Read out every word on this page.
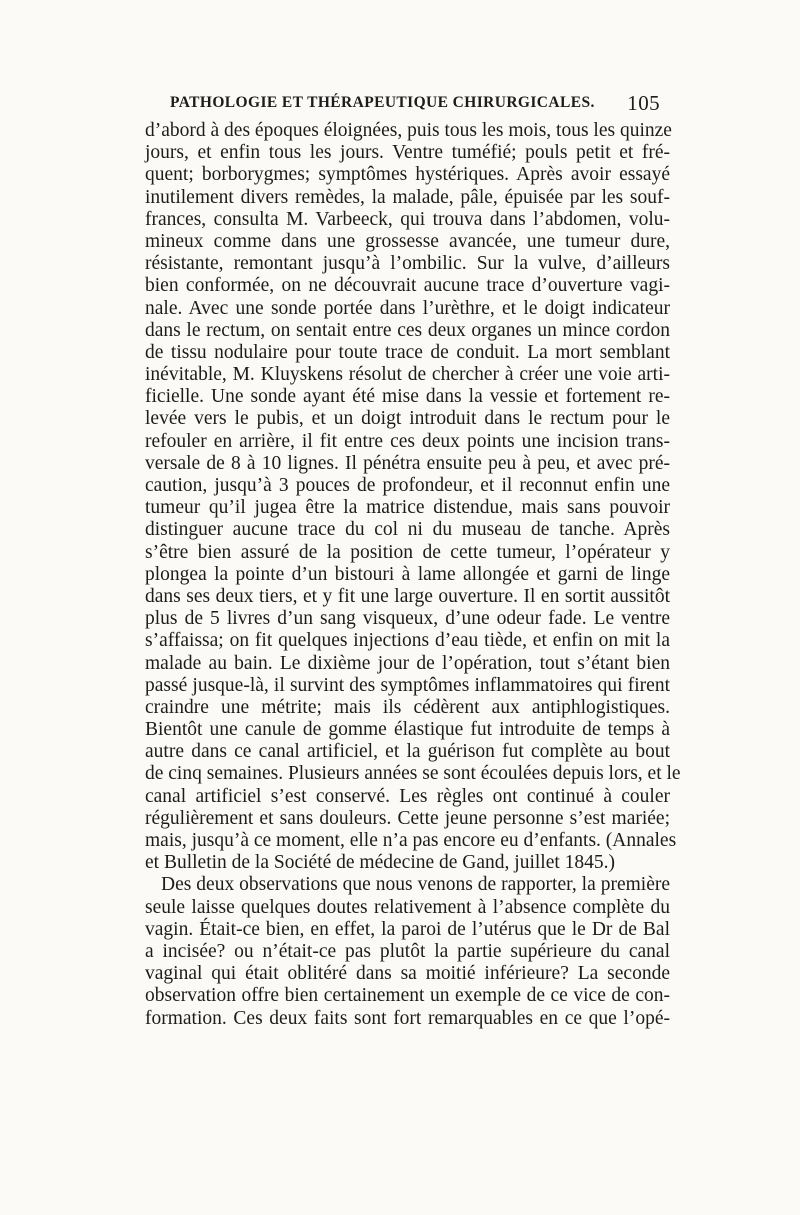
PATHOLOGIE ET THÉRAPEUTIQUE CHIRURGICALES. 105
d’abord à des époques éloignées, puis tous les mois, tous les quinze
jours, et enfin tous les jours. Ventre tuméfié; pouls petit et fré-
quent; borborygmes; symptômes hystériques. Après avoir essayé
inutilement divers remèdes, la malade, pâle, épuisée par les souf-
frances, consulta M. Varbeeck, qui trouva dans l’abdomen, volu-
mineux comme dans une grossesse avancée, une tumeur dure,
résistante, remontant jusqu’à l’ombilic. Sur la vulve, d’ailleurs
bien conformée, on ne découvrait aucune trace d’ouverture vagi-
nale. Avec une sonde portée dans l’urèthre, et le doigt indicateur
dans le rectum, on sentait entre ces deux organes un mince cordon
de tissu nodulaire pour toute trace de conduit. La mort semblant
inévitable, M. Kluyskens résolut de chercher à créer une voie arti-
ficielle. Une sonde ayant été mise dans la vessie et fortement re-
levée vers le pubis, et un doigt introduit dans le rectum pour le
refouler en arrière, il fit entre ces deux points une incision trans-
versale de 8 à 10 lignes. Il pénétra ensuite peu à peu, et avec pré-
caution, jusqu’à 3 pouces de profondeur, et il reconnut enfin une
tumeur qu’il jugea être la matrice distendue, mais sans pouvoir
distinguer aucune trace du col ni du museau de tanche. Après
s’être bien assuré de la position de cette tumeur, l’opérateur y
plongea la pointe d’un bistouri à lame allongée et garni de linge
dans ses deux tiers, et y fit une large ouverture. Il en sortit aussitôt
plus de 5 livres d’un sang visqueux, d’une odeur fade. Le ventre
s’affaissa; on fit quelques injections d’eau tiède, et enfin on mit la
malade au bain. Le dixième jour de l’opération, tout s’étant bien
passé jusque-là, il survint des symptômes inflammatoires qui firent
craindre une métrite; mais ils cédèrent aux antiphlogistiques.
Bientôt une canule de gomme élastique fut introduite de temps à
autre dans ce canal artificiel, et la guérison fut complète au bout
de cinq semaines. Plusieurs années se sont écoulées depuis lors, et le
canal artificiel s’est conservé. Les règles ont continué à couler
régulièrement et sans douleurs. Cette jeune personne s’est mariée;
mais, jusqu’à ce moment, elle n’a pas encore eu d’enfants. (Annales
et Bulletin de la Société de médecine de Gand, juillet 1845.)
Des deux observations que nous venons de rapporter, la première
seule laisse quelques doutes relativement à l’absence complète du
vagin. Était-ce bien, en effet, la paroi de l’utérus que le Dr de Bal
a incisée? ou n’était-ce pas plutôt la partie supérieure du canal
vaginal qui était oblitéré dans sa moitié inférieure? La seconde
observation offre bien certainement un exemple de ce vice de con-
formation. Ces deux faits sont fort remarquables en ce que l’opé-
